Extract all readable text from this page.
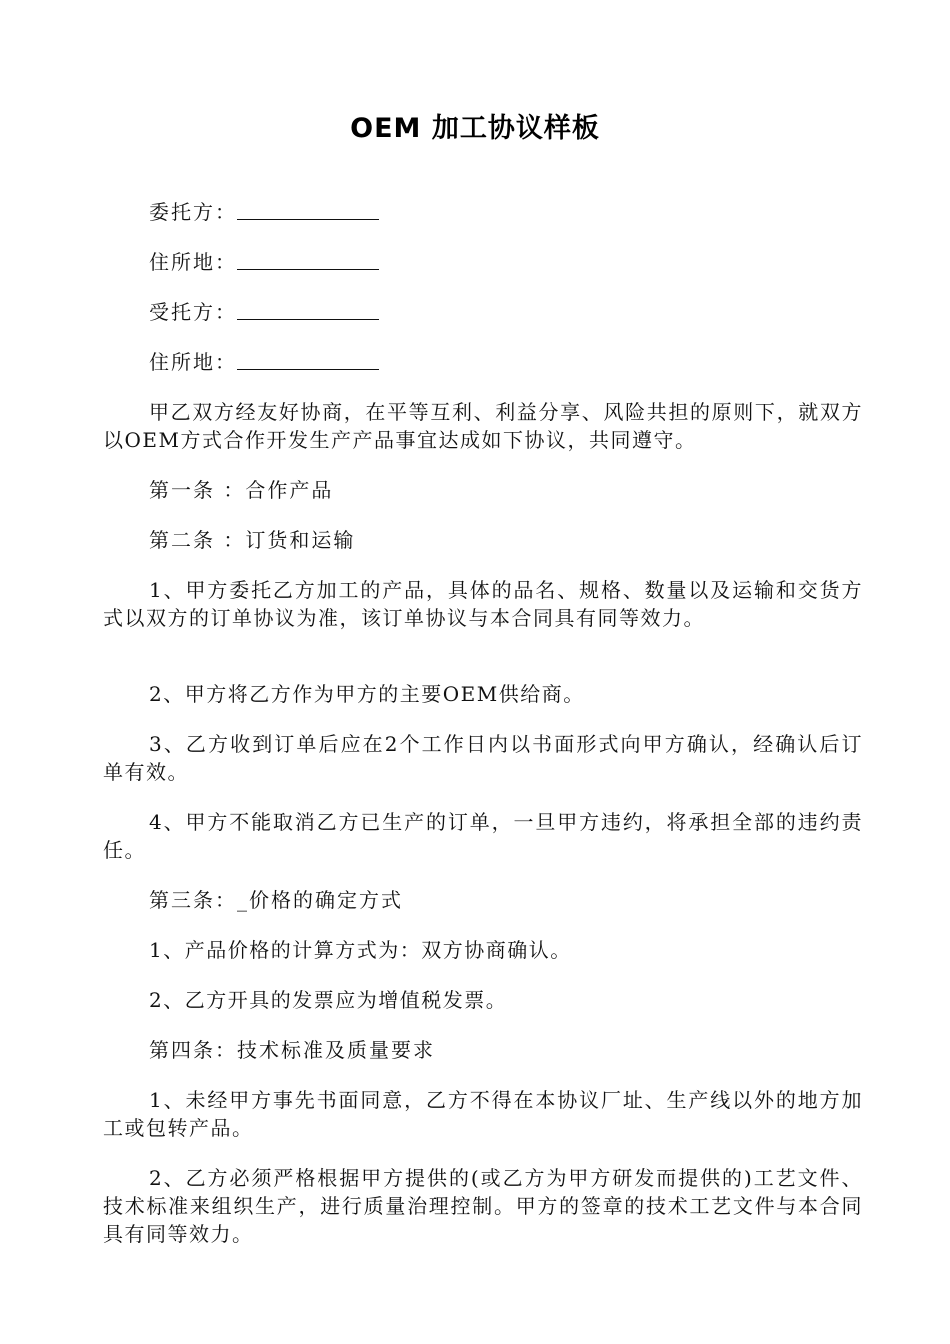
OEM 加工协议样板
委托方：
住所地：
受托方：
住所地：

甲乙双方经友好协商，在平等互利、利益分享、风险共担的原则下，就双方以OEM方式合作开发生产产品事宜达成如下协议，共同遵守。

第一条 ：合作产品

第二条 ：订货和运输

1、甲方委托乙方加工的产品，具体的品名、规格、数量以及运输和交货方式以双方的订单协议为准，该订单协议与本合同具有同等效力。

2、甲方将乙方作为甲方的主要OEM供给商。

3、乙方收到订单后应在2个工作日内以书面形式向甲方确认，经确认后订单有效。

4、甲方不能取消乙方已生产的订单，一旦甲方违约，将承担全部的违约责任。

第三条：_价格的确定方式

1、产品价格的计算方式为：双方协商确认。

2、乙方开具的发票应为增值税发票。

第四条：技术标准及质量要求

1、未经甲方事先书面同意，乙方不得在本协议厂址、生产线以外的地方加工或包转产品。

2、乙方必须严格根据甲方提供的(或乙方为甲方研发而提供的)工艺文件、技术标准来组织生产，进行质量治理控制。甲方的签章的技术工艺文件与本合同具有同等效力。
